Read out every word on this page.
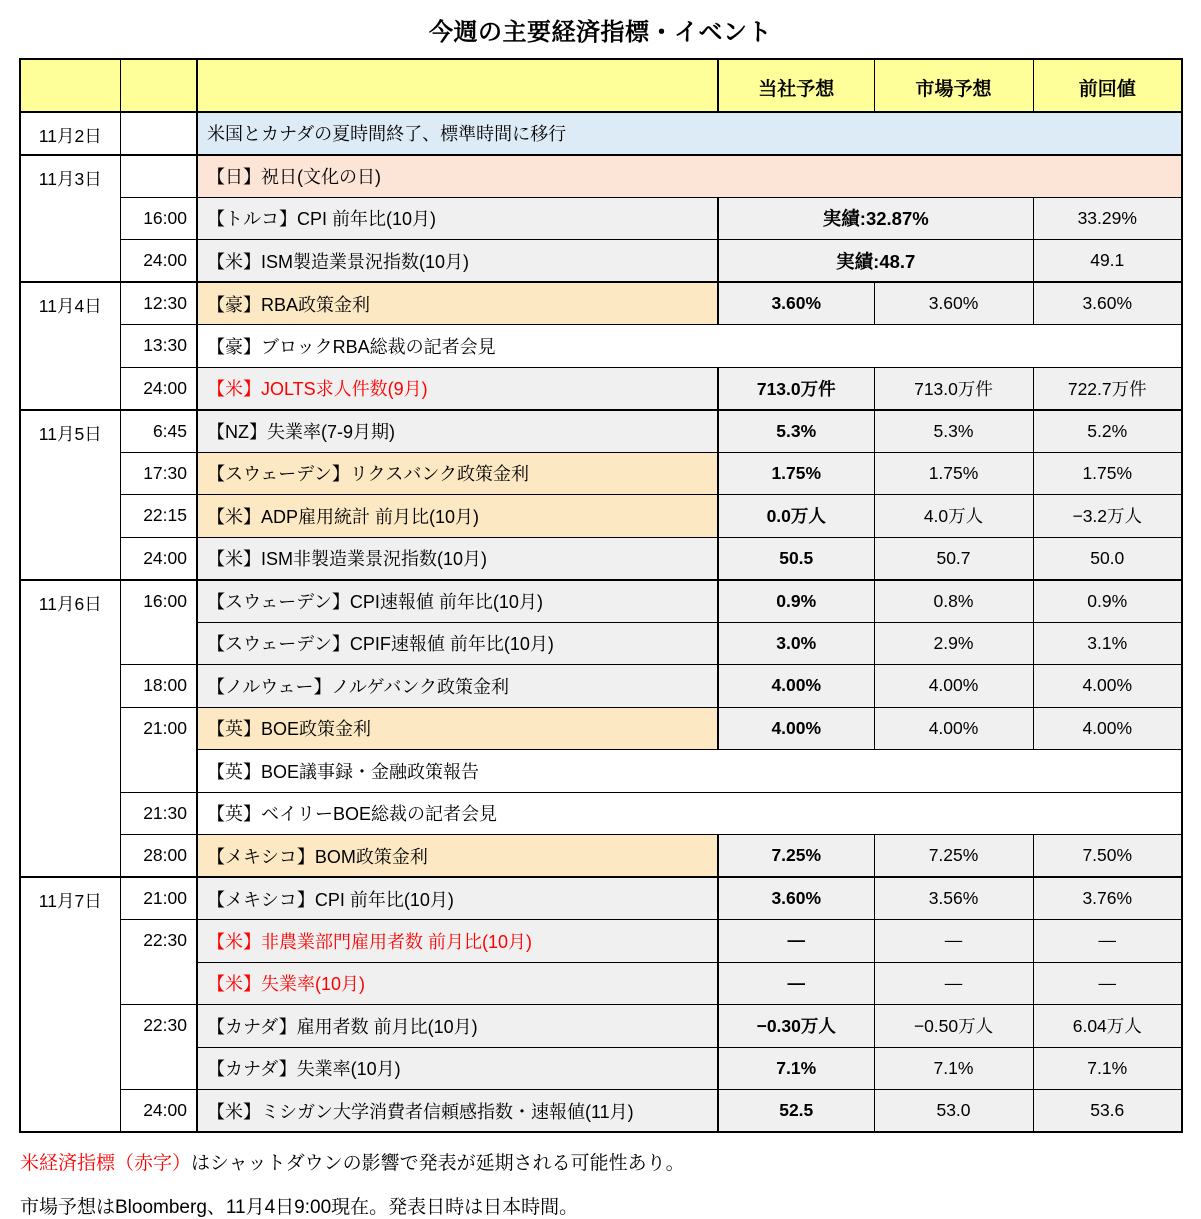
今週の主要経済指標・イベント
			当社予想	市場予想	前回値
11月2日		米国とカナダの夏時間終了、標準時間に移行			
11月3日		【日】祝日(文化の日)			
	16:00	【トルコ】CPI 前年比(10月)	実績:32.87%		33.29%
	24:00	【米】ISM製造業景況指数(10月)	実績:48.7		49.1
11月4日	12:30	【豪】RBA政策金利	3.60%	3.60%	3.60%
	13:30	【豪】ブロックRBA総裁の記者会見			
	24:00	【米】JOLTS求人件数(9月)	713.0万件	713.0万件	722.7万件
11月5日	6:45	【NZ】失業率(7-9月期)	5.3%	5.3%	5.2%
	17:30	【スウェーデン】リクスバンク政策金利	1.75%	1.75%	1.75%
	22:15	【米】ADP雇用統計 前月比(10月)	0.0万人	4.0万人	−3.2万人
	24:00	【米】ISM非製造業景況指数(10月)	50.5	50.7	50.0
11月6日	16:00	【スウェーデン】CPI速報値 前年比(10月)	0.9%	0.8%	0.9%
		【スウェーデン】CPIF速報値 前年比(10月)	3.0%	2.9%	3.1%
	18:00	【ノルウェー】ノルゲバンク政策金利	4.00%	4.00%	4.00%
	21:00	【英】BOE政策金利	4.00%	4.00%	4.00%
		【英】BOE議事録・金融政策報告			
	21:30	【英】ベイリーBOE総裁の記者会見			
	28:00	【メキシコ】BOM政策金利	7.25%	7.25%	7.50%
11月7日	21:00	【メキシコ】CPI 前年比(10月)	3.60%	3.56%	3.76%
	22:30	【米】非農業部門雇用者数 前月比(10月)	―	―	―
		【米】失業率(10月)	―	―	―
	22:30	【カナダ】雇用者数 前月比(10月)	−0.30万人	−0.50万人	6.04万人
		【カナダ】失業率(10月)	7.1%	7.1%	7.1%
	24:00	【米】ミシガン大学消費者信頼感指数・速報値(11月)	52.5	53.0	53.6

米経済指標（赤字）はシャットダウンの影響で発表が延期される可能性あり。

市場予想はBloomberg、11月4日9:00現在。発表日時は日本時間。
